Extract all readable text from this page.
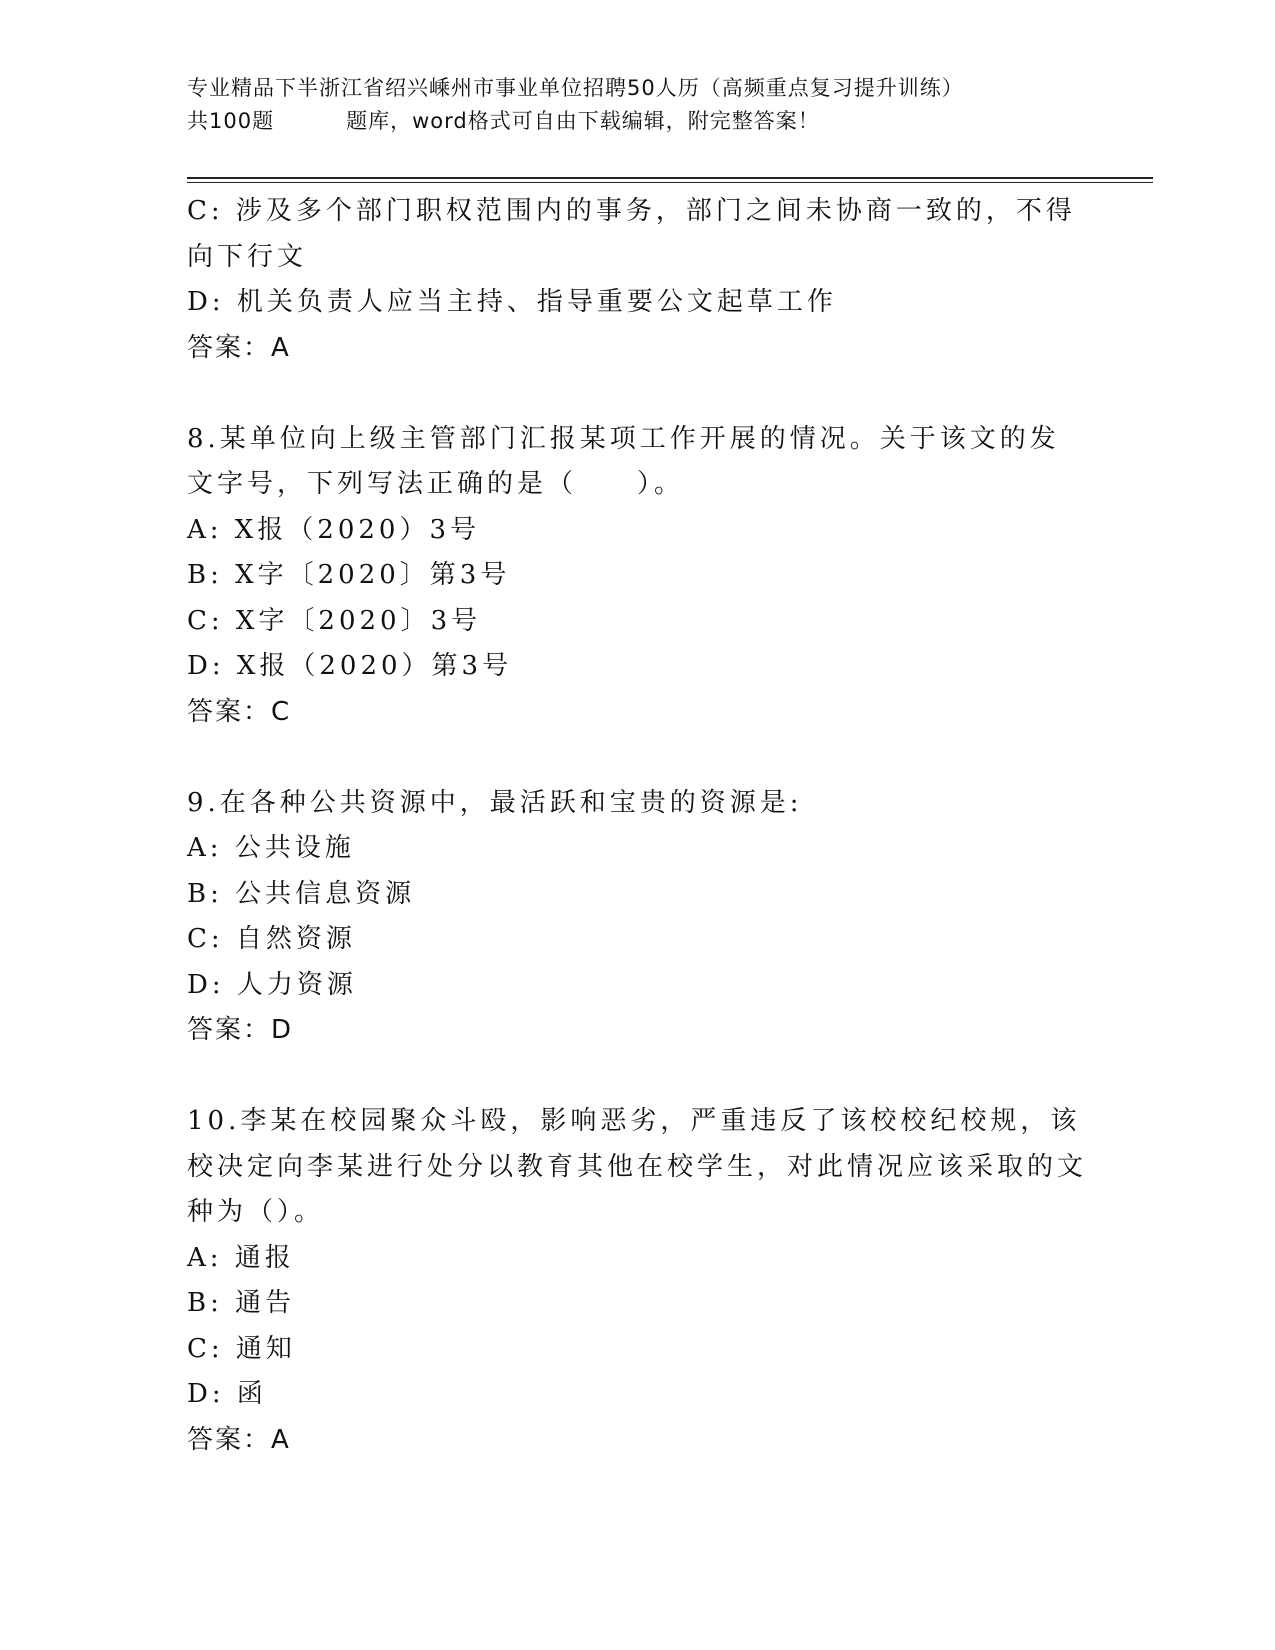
专业精品下半浙江省绍兴嵊州市事业单位招聘50人历（高频重点复习提升训练）
共100题	题库，word格式可自由下载编辑，附完整答案！

C: 涉及多个部门职权范围内的事务，部门之间未协商一致的，不得向下行文

D: 机关负责人应当主持、指导重要公文起草工作

答案：A

8.某单位向上级主管部门汇报某项工作开展的情况。关于该文的发文字号，下列写法正确的是（　　）。

A: X报（2020）3号

B: X字〔2020〕第3号

C: X字〔2020〕3号

D: X报（2020）第3号

答案：C

9.在各种公共资源中，最活跃和宝贵的资源是:

A: 公共设施

B: 公共信息资源

C: 自然资源

D: 人力资源

答案：D

10.李某在校园聚众斗殴，影响恶劣，严重违反了该校校纪校规，该校决定向李某进行处分以教育其他在校学生，对此情况应该采取的文种为（）。

A: 通报

B: 通告

C: 通知

D: 函

答案：A
